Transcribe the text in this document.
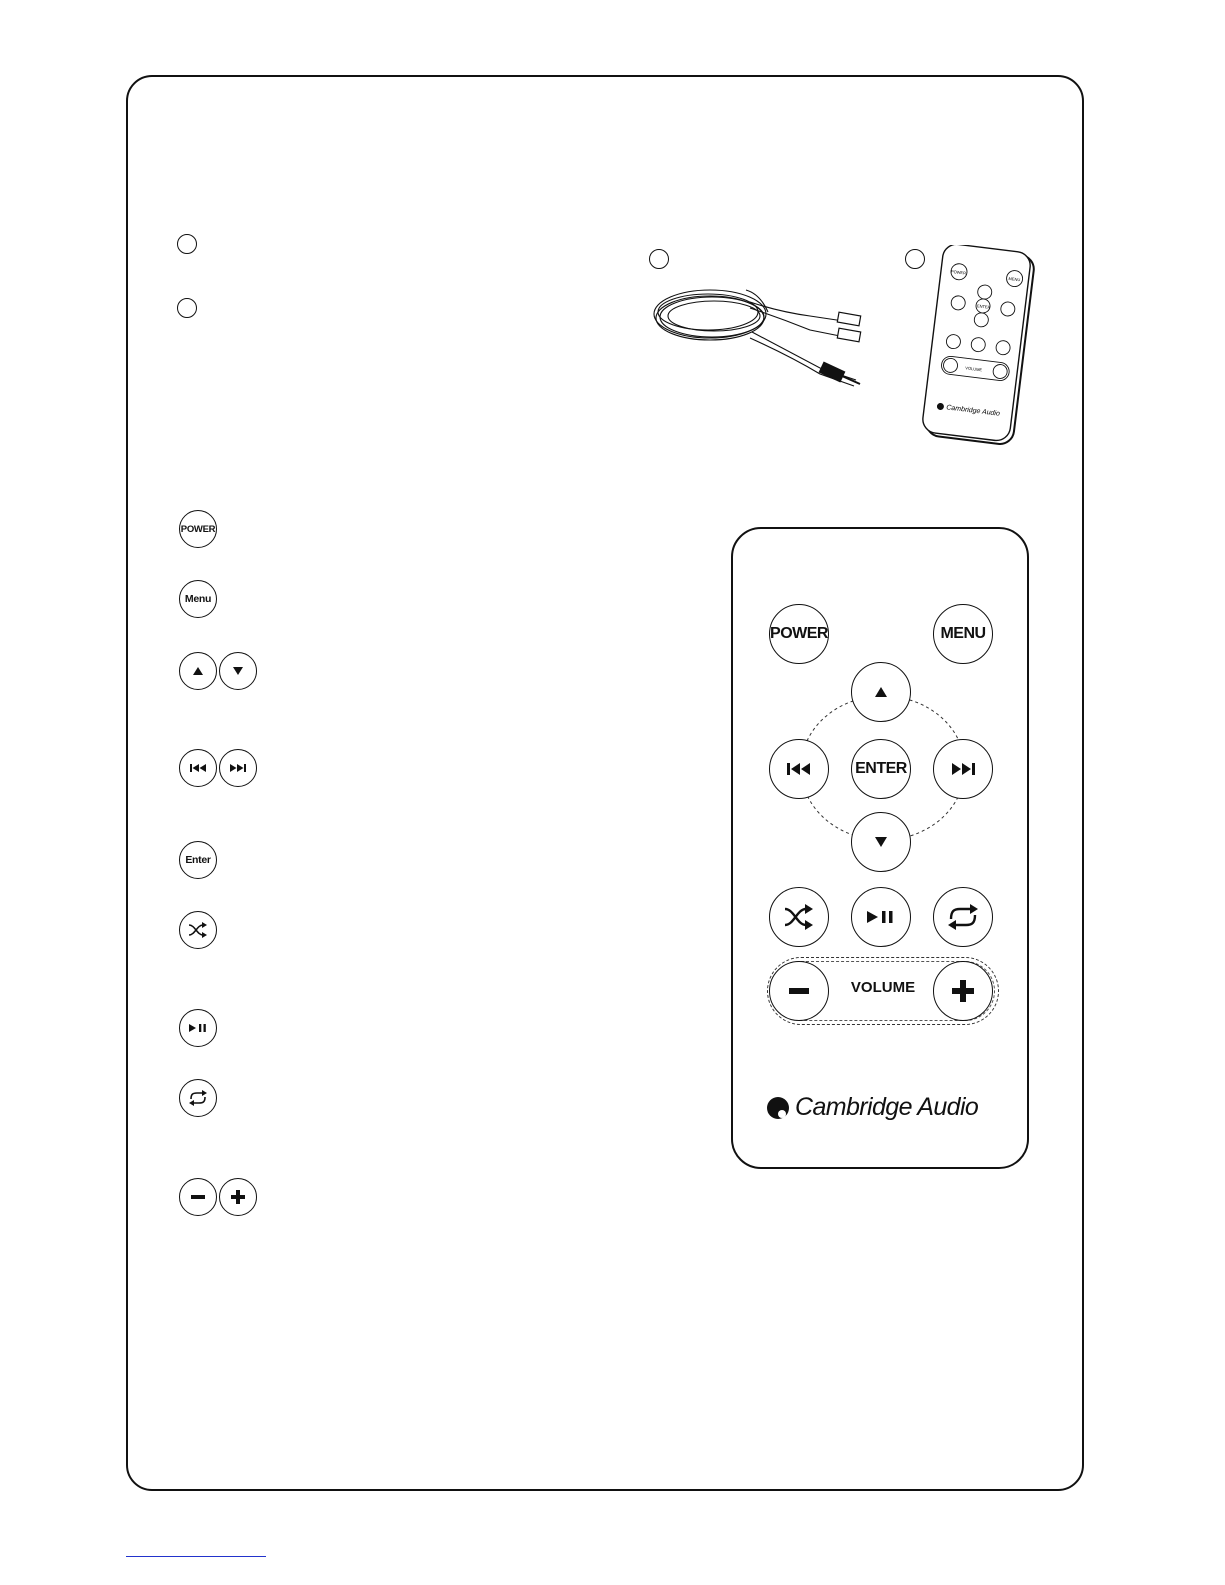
POWER
MENU
ENTER
VOLUME
Cambridge Audio
POWER
Menu
Enter
POWER	MENU
ENTER
VOLUME
Cambridge Audio
